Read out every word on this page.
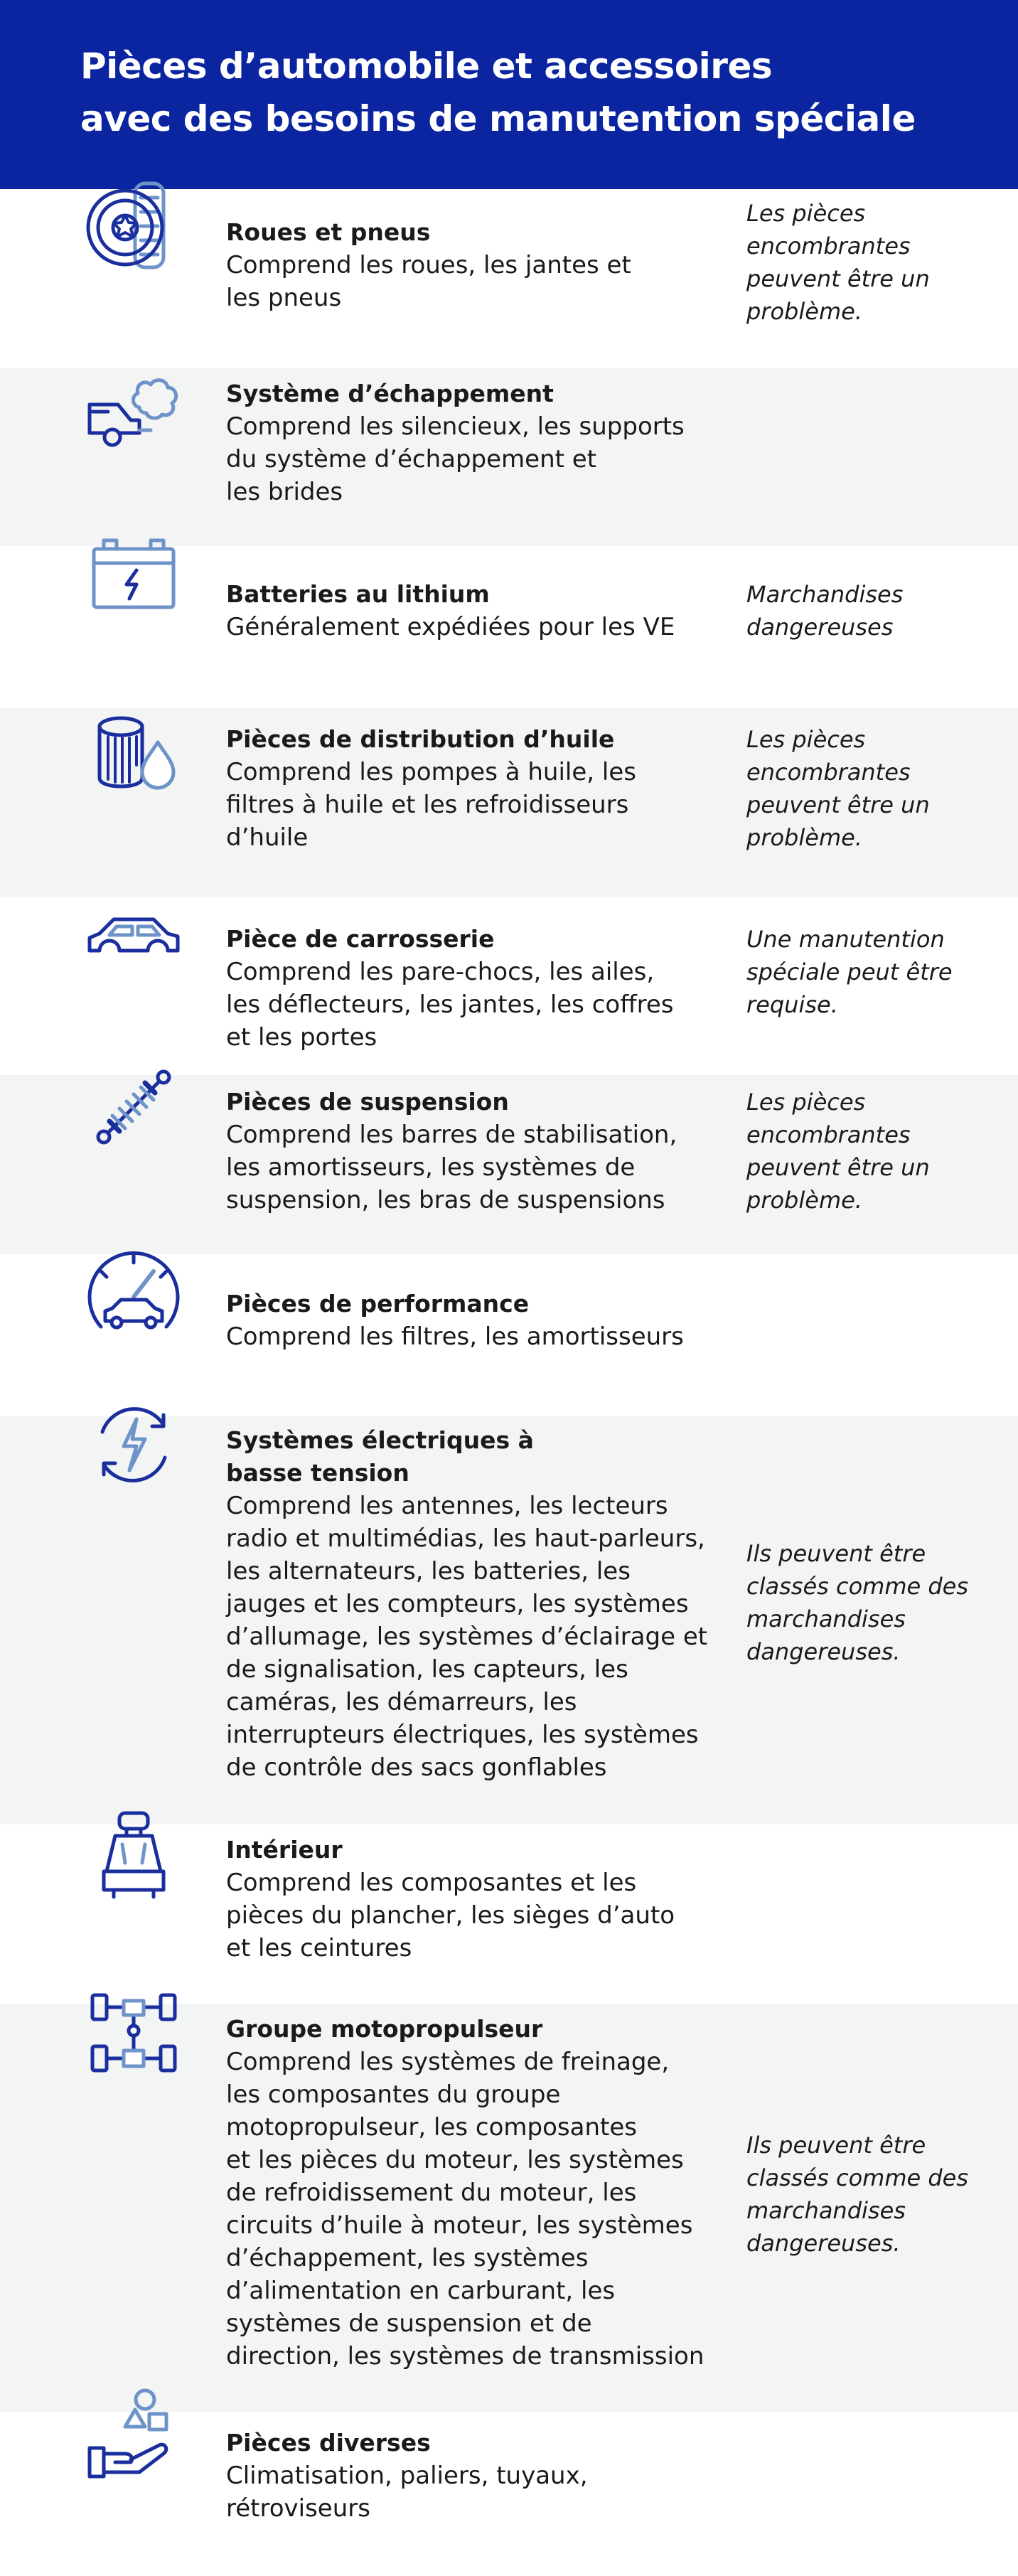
Pièces d’automobile et accessoires
avec des besoins de manutention spéciale
Roues et pneus
Comprend les roues, les jantes et
les pneus
Les pièces
encombrantes
peuvent être un
problème.
Système d’échappement
Comprend les silencieux, les supports
du système d’échappement et
les brides
Batteries au lithium
Généralement expédiées pour les VE
Marchandises
dangereuses
Pièces de distribution d’huile
Comprend les pompes à huile, les
filtres à huile et les refroidisseurs
d’huile
Les pièces
encombrantes
peuvent être un
problème.
Pièce de carrosserie
Comprend les pare-chocs, les ailes,
les déflecteurs, les jantes, les coffres
et les portes
Une manutention
spéciale peut être
requise.
Pièces de suspension
Comprend les barres de stabilisation,
les amortisseurs, les systèmes de
suspension, les bras de suspensions
Les pièces
encombrantes
peuvent être un
problème.
Pièces de performance
Comprend les filtres, les amortisseurs
Systèmes électriques à
basse tension
Comprend les antennes, les lecteurs
radio et multimédias, les haut-parleurs,
les alternateurs, les batteries, les
jauges et les compteurs, les systèmes
d’allumage, les systèmes d’éclairage et
de signalisation, les capteurs, les
caméras, les démarreurs, les
interrupteurs électriques, les systèmes
de contrôle des sacs gonflables
Ils peuvent être
classés comme des
marchandises
dangereuses.
Intérieur
Comprend les composantes et les
pièces du plancher, les sièges d’auto
et les ceintures
Groupe motopropulseur
Comprend les systèmes de freinage,
les composantes du groupe
motopropulseur, les composantes
et les pièces du moteur, les systèmes
de refroidissement du moteur, les
circuits d’huile à moteur, les systèmes
d’échappement, les systèmes
d’alimentation en carburant, les
systèmes de suspension et de
direction, les systèmes de transmission
Ils peuvent être
classés comme des
marchandises
dangereuses.
Pièces diverses
Climatisation, paliers, tuyaux,
rétroviseurs
